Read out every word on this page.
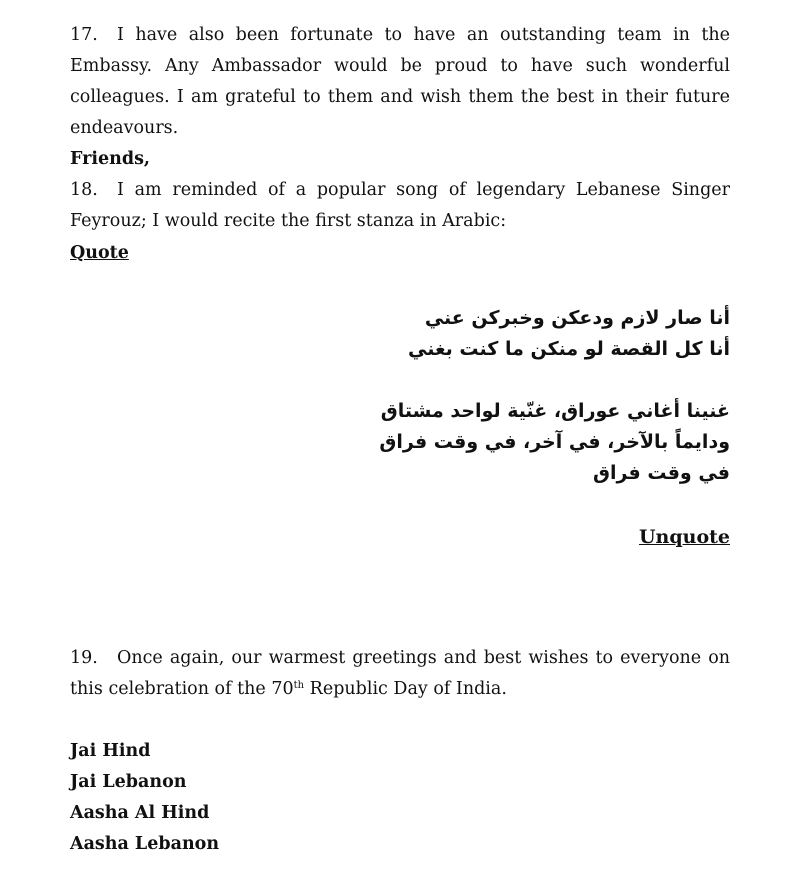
17. I have also been fortunate to have an outstanding team in the Embassy. Any Ambassador would be proud to have such wonderful colleagues. I am grateful to them and wish them the best in their future endeavours.

Friends,

18. I am reminded of a popular song of legendary Lebanese Singer Feyrouz; I would recite the first stanza in Arabic:

Quote

أنا صار لازم ودعكن وخبركن عني
أنا كل القصة لو منكن ما كنت بغني
غنينا أغاني عوراق، غنّية لواحد مشتاق
ودايماً بالآخر، في آخر، في وقت فراق
في وقت فراق

Unquote

19. Once again, our warmest greetings and best wishes to everyone on this celebration of the 70th Republic Day of India.

Jai Hind
Jai Lebanon
Aasha Al Hind
Aasha Lebanon
